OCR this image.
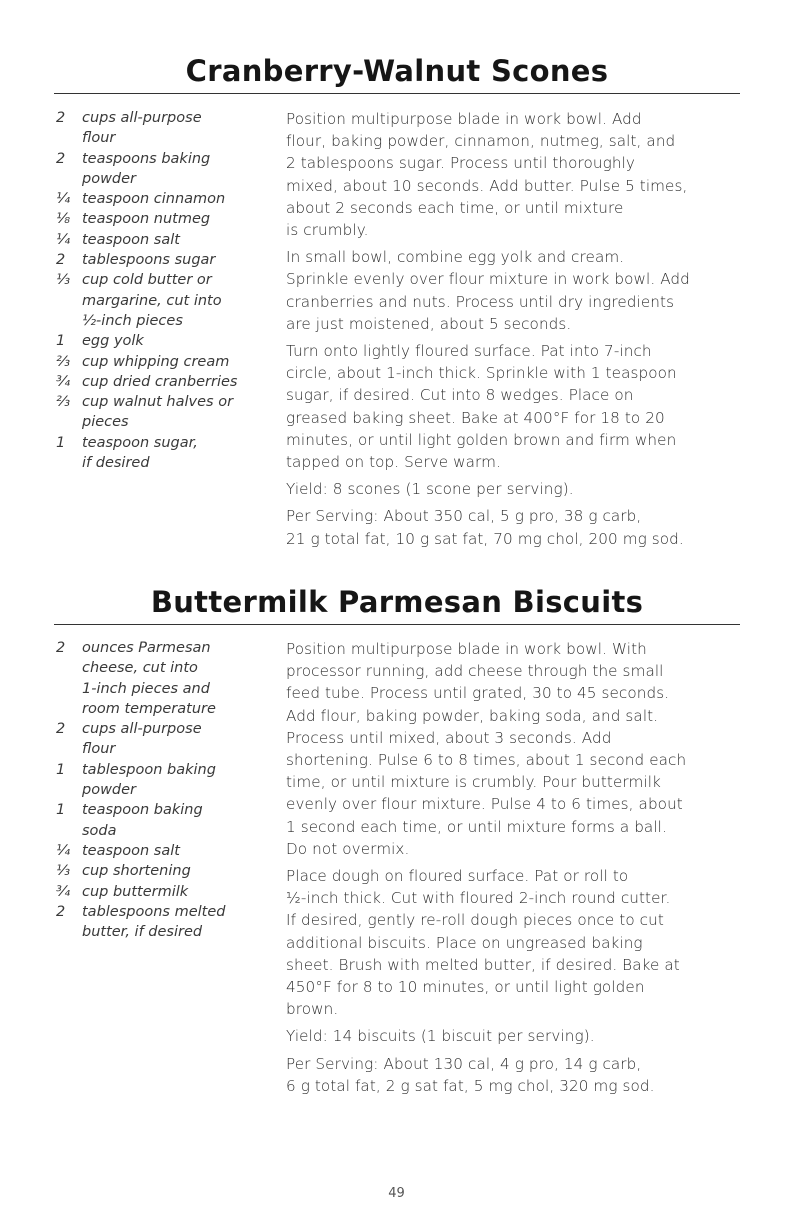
Cranberry-Walnut Scones
2	cups all-purpose
flour
2	teaspoons baking
powder
¼ teaspoon cinnamon
⅛ teaspoon nutmeg
¼ teaspoon salt
2	tablespoons sugar
⅓ cup cold butter or
margarine, cut into
½-inch pieces
1	egg yolk
⅔ cup whipping cream
¾ cup dried cranberries
⅔ cup walnut halves or
pieces
1	teaspoon sugar,
if desired

Position multipurpose blade in work bowl. Add
flour, baking powder, cinnamon, nutmeg, salt, and
2 tablespoons sugar. Process until thoroughly
mixed, about 10 seconds. Add butter. Pulse 5 times,
about 2 seconds each time, or until mixture
is crumbly.

In small bowl, combine egg yolk and cream.
Sprinkle evenly over flour mixture in work bowl. Add
cranberries and nuts. Process until dry ingredients
are just moistened, about 5 seconds.

Turn onto lightly floured surface. Pat into 7-inch
circle, about 1-inch thick. Sprinkle with 1 teaspoon
sugar, if desired. Cut into 8 wedges. Place on
greased baking sheet. Bake at 400°F for 18 to 20
minutes, or until light golden brown and firm when
tapped on top. Serve warm.

Yield: 8 scones (1 scone per serving).

Per Serving: About 350 cal, 5 g pro, 38 g carb,
21 g total fat, 10 g sat fat, 70 mg chol, 200 mg sod.

Buttermilk Parmesan Biscuits
2	ounces Parmesan
cheese, cut into
1-inch pieces and
room temperature
2	cups all-purpose
flour
1	tablespoon baking
powder
1	teaspoon baking
soda
¼ teaspoon salt
⅓ cup shortening
¾ cup buttermilk
2	tablespoons melted
butter, if desired

Position multipurpose blade in work bowl. With
processor running, add cheese through the small
feed tube. Process until grated, 30 to 45 seconds.
Add flour, baking powder, baking soda, and salt.
Process until mixed, about 3 seconds. Add
shortening. Pulse 6 to 8 times, about 1 second each
time, or until mixture is crumbly. Pour buttermilk
evenly over flour mixture. Pulse 4 to 6 times, about
1 second each time, or until mixture forms a ball.
Do not overmix.

Place dough on floured surface. Pat or roll to
½-inch thick. Cut with floured 2-inch round cutter.
If desired, gently re-roll dough pieces once to cut
additional biscuits. Place on ungreased baking
sheet. Brush with melted butter, if desired. Bake at
450°F for 8 to 10 minutes, or until light golden
brown.

Yield: 14 biscuits (1 biscuit per serving).

Per Serving: About 130 cal, 4 g pro, 14 g carb,
6 g total fat, 2 g sat fat, 5 mg chol, 320 mg sod.

49
